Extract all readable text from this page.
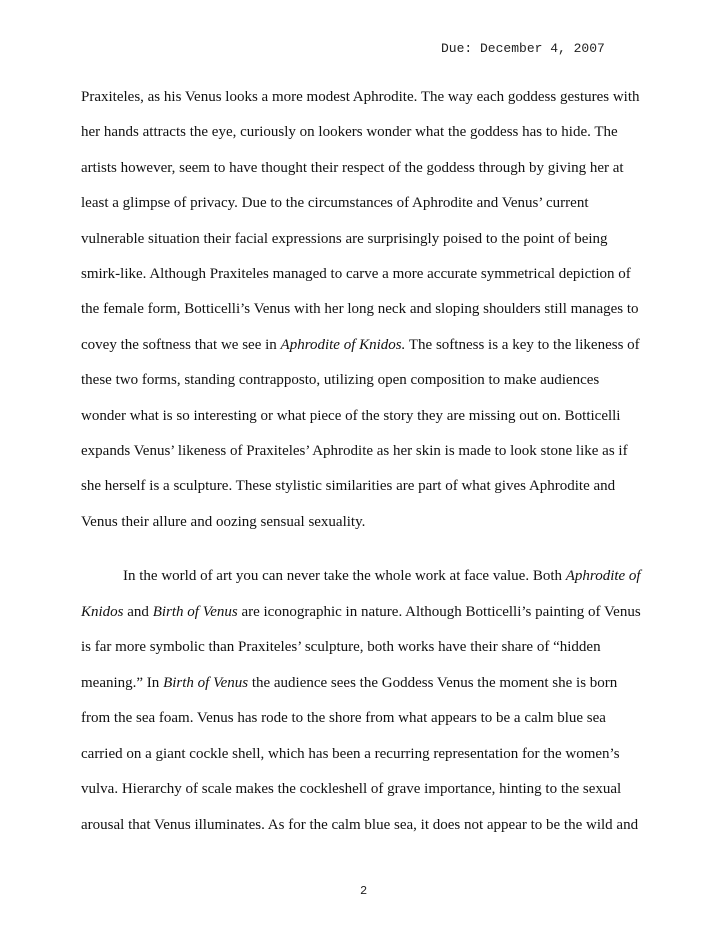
Due: December 4, 2007
Praxiteles, as his Venus looks a more modest Aphrodite. The way each goddess gestures with
her hands attracts the eye, curiously on lookers wonder what the goddess has to hide. The
artists however, seem to have thought their respect of the goddess through by giving her at
least a glimpse of privacy. Due to the circumstances of Aphrodite and Venus’ current
vulnerable situation their facial expressions are surprisingly poised to the point of being
smirk-like. Although Praxiteles managed to carve a more accurate symmetrical depiction of
the female form, Botticelli’s Venus with her long neck and sloping shoulders still manages to
covey the softness that we see in Aphrodite of Knidos. The softness is a key to the likeness of
these two forms, standing contrapposto, utilizing open composition to make audiences
wonder what is so interesting or what piece of the story they are missing out on. Botticelli
expands Venus’ likeness of Praxiteles’ Aphrodite as her skin is made to look stone like as if
she herself is a sculpture. These stylistic similarities are part of what gives Aphrodite and
Venus their allure and oozing sensual sexuality.
In the world of art you can never take the whole work at face value. Both Aphrodite of
Knidos and Birth of Venus are iconographic in nature. Although Botticelli’s painting of Venus
is far more symbolic than Praxiteles’ sculpture, both works have their share of “hidden
meaning.” In Birth of Venus the audience sees the Goddess Venus the moment she is born
from the sea foam. Venus has rode to the shore from what appears to be a calm blue sea
carried on a giant cockle shell, which has been a recurring representation for the women’s
vulva. Hierarchy of scale makes the cockleshell of grave importance, hinting to the sexual
arousal that Venus illuminates. As for the calm blue sea, it does not appear to be the wild and
2
